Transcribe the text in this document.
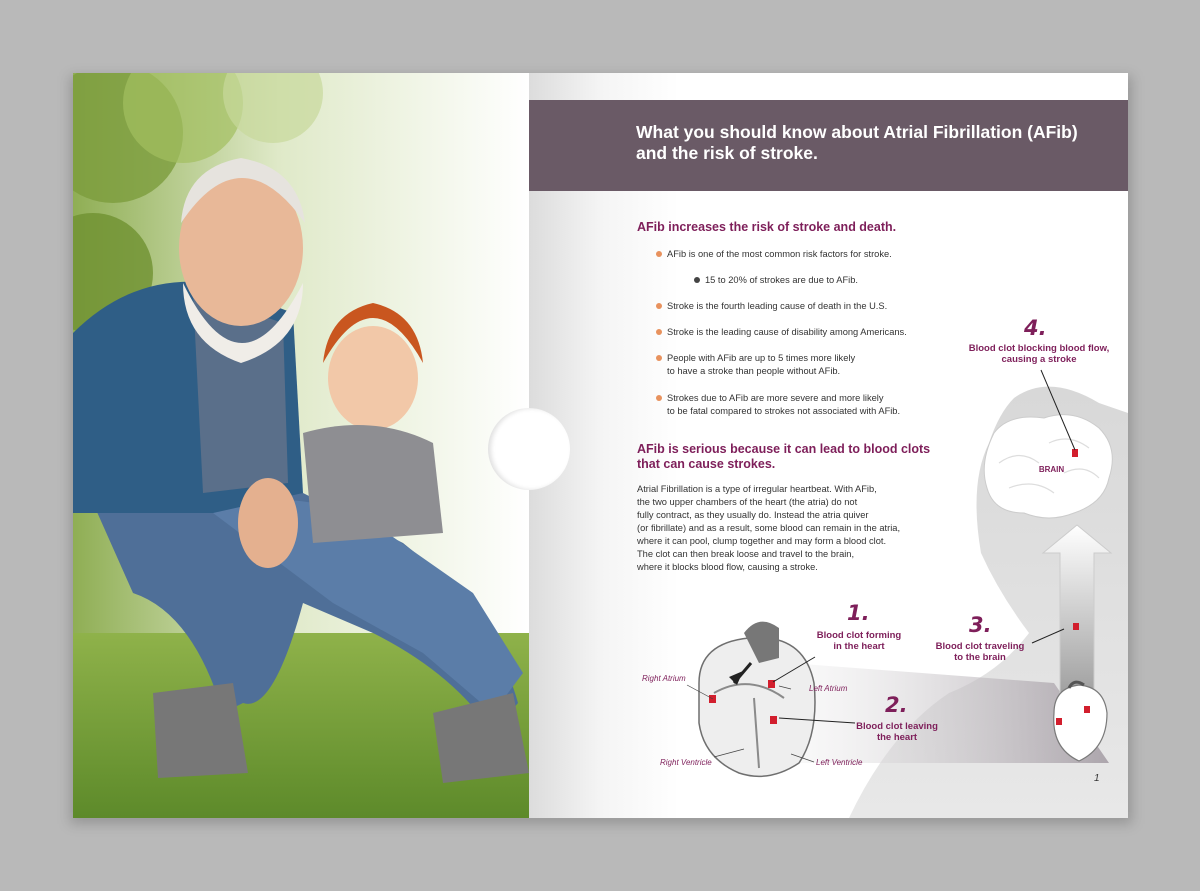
What you should know about Atrial Fibrillation (AFib)
and the risk of stroke.
AFib increases the risk of stroke and death.
AFib is one of the most common risk factors for stroke.
15 to 20% of strokes are due to AFib.
Stroke is the fourth leading cause of death in the U.S.
Stroke is the leading cause of disability among Americans.
People with AFib are up to 5 times more likely
to have a stroke than people without AFib.
Strokes due to AFib are more severe and more likely
to be fatal compared to strokes not associated with AFib.
AFib is serious because it can lead to blood clots
that can cause strokes.
Atrial Fibrillation is a type of irregular heartbeat. With AFib,
the two upper chambers of the heart (the atria) do not
fully contract, as they usually do. Instead the atria quiver
(or fibrillate) and as a result, some blood can remain in the atria,
where it can pool, clump together and may form a blood clot.
The clot can then break loose and travel to the brain,
where it blocks blood flow, causing a stroke.
1.
Blood clot forming
in the heart
2.
Blood clot leaving
the heart
3.
Blood clot traveling
to the brain
4.
Blood clot blocking blood flow,
causing a stroke
BRAIN
Right Atrium
Left Atrium
Right Ventricle	Left Ventricle
1
